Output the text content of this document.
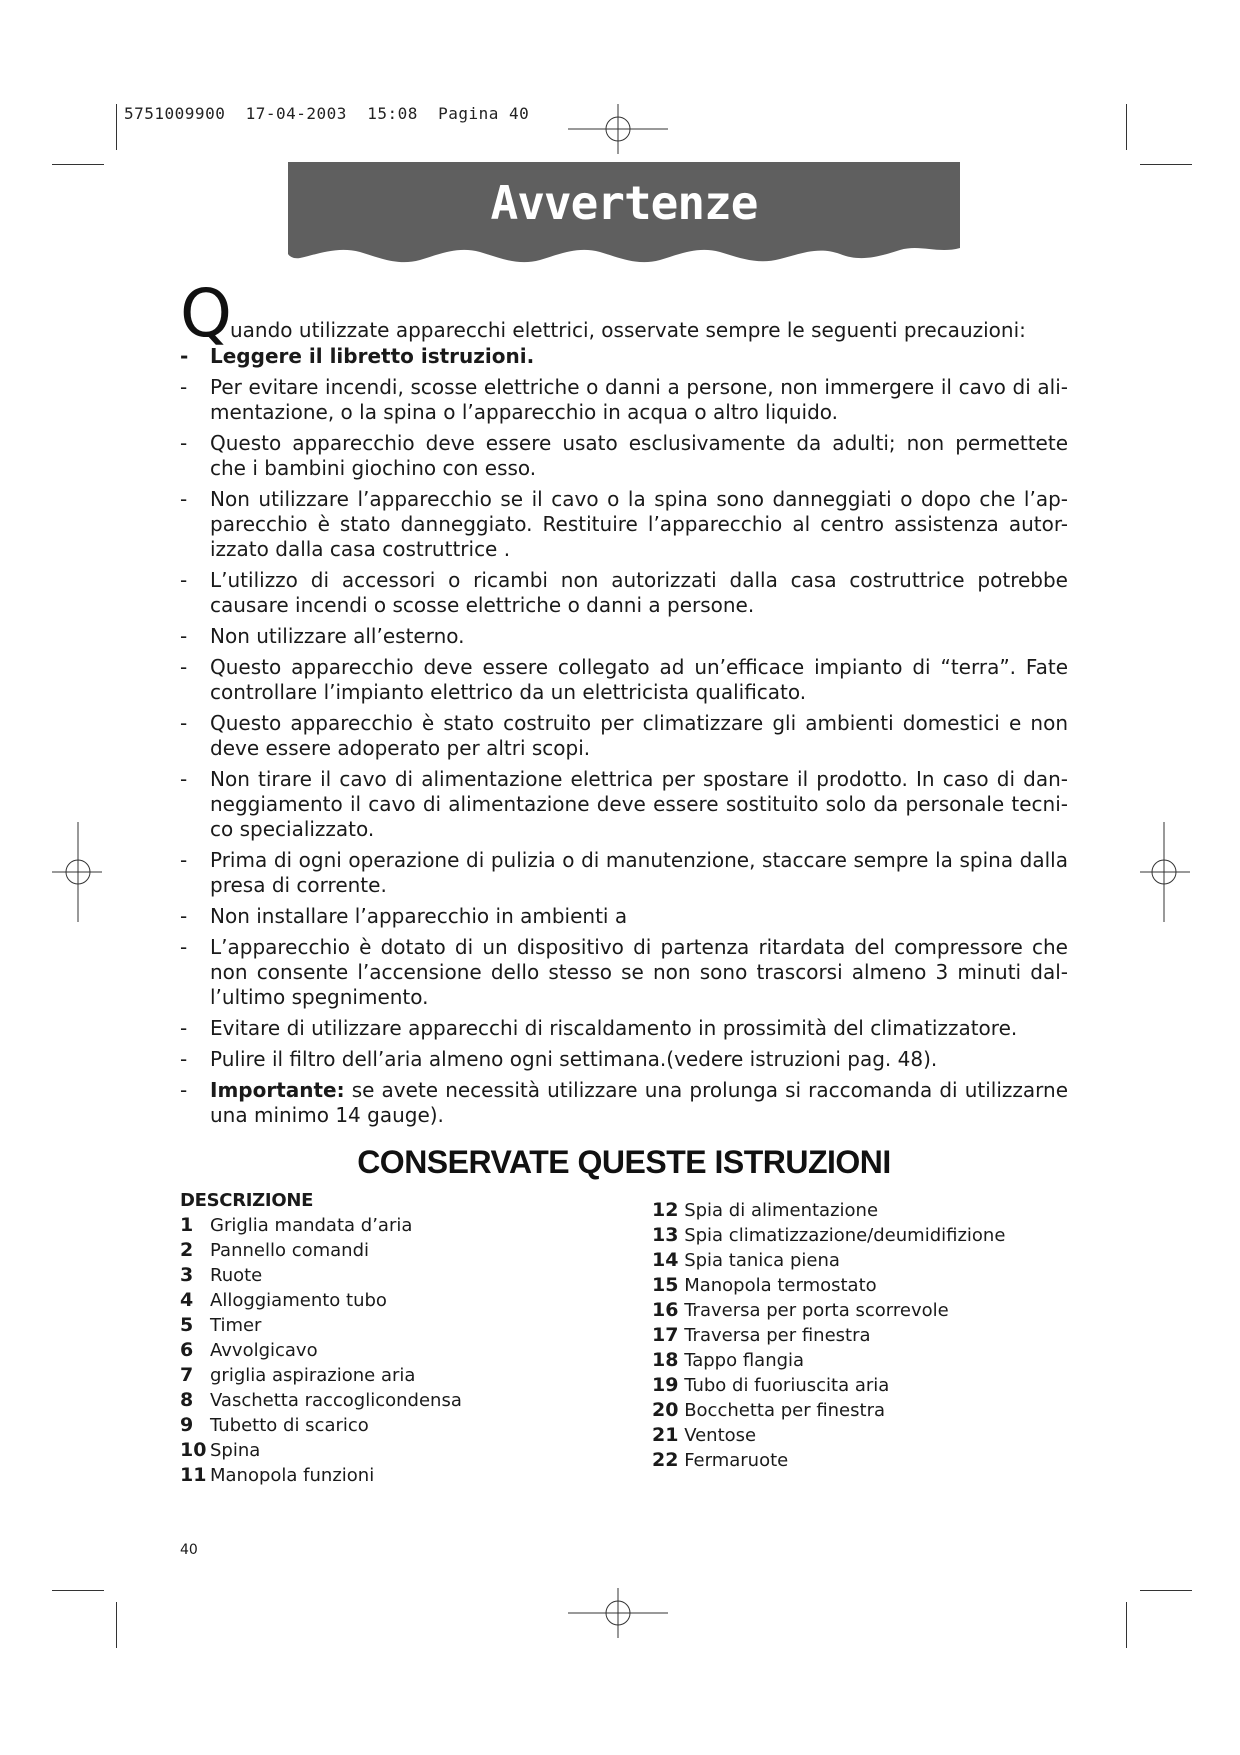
5751009900  17-04-2003  15:08  Pagina 40
Avvertenze
Q
uando utilizzate apparecchi elettrici, osservate sempre le seguenti precauzioni:
- Leggere il libretto istruzioni.
- Per evitare incendi, scosse elettriche o danni a persone, non immergere il cavo di ali-mentazione, o la spina o l’apparecchio in acqua o altro liquido.
- Questo apparecchio deve essere usato esclusivamente da adulti; non permettete che i bambini giochino con esso.
- Non utilizzare l’apparecchio se il cavo o la spina sono danneggiati o dopo che l’ap-parecchio è stato danneggiato. Restituire l’apparecchio al centro assistenza autor-izzato dalla casa costruttrice .
- L’utilizzo di accessori o ricambi non autorizzati dalla casa costruttrice potrebbe causare incendi o scosse elettriche o danni a persone.
- Non utilizzare all’esterno.
- Questo apparecchio deve essere collegato ad un’efficace impianto di “terra”. Fate controllare l’impianto elettrico da un elettricista qualificato.
- Questo apparecchio è stato costruito per climatizzare gli ambienti domestici e non deve essere adoperato per altri scopi.
- Non tirare il cavo di alimentazione elettrica per spostare il prodotto. In caso di dan-neggiamento il cavo di alimentazione deve essere sostituito solo da personale tecni-co specializzato.
- Prima di ogni operazione di pulizia o di manutenzione, staccare sempre la spina dalla presa di corrente.
- Non installare l’apparecchio in ambienti a
- L’apparecchio è dotato di un dispositivo di partenza ritardata del compressore che non consente l’accensione dello stesso se non sono trascorsi almeno 3 minuti dal-l’ultimo spegnimento.
- Evitare di utilizzare apparecchi di riscaldamento in prossimità del climatizzatore.
- Pulire il filtro dell’aria almeno ogni settimana.(vedere istruzioni pag. 48).
- Importante: se avete necessità utilizzare una prolunga si raccomanda di utilizzarne una minimo 14 gauge).
CONSERVATE QUESTE ISTRUZIONI
DESCRIZIONE
1 Griglia mandata d’aria
2 Pannello comandi
3 Ruote
4 Alloggiamento tubo
5 Timer
6 Avvolgicavo
7 griglia aspirazione aria
8 Vaschetta raccoglicondensa
9 Tubetto di scarico
10 Spina
11 Manopola funzioni
12 Spia di alimentazione
13 Spia climatizzazione/deumidifizione
14 Spia tanica piena
15 Manopola termostato
16 Traversa per porta scorrevole
17 Traversa per finestra
18 Tappo flangia
19 Tubo di fuoriuscita aria
20 Bocchetta per finestra
21 Ventose
22 Fermaruote
40
